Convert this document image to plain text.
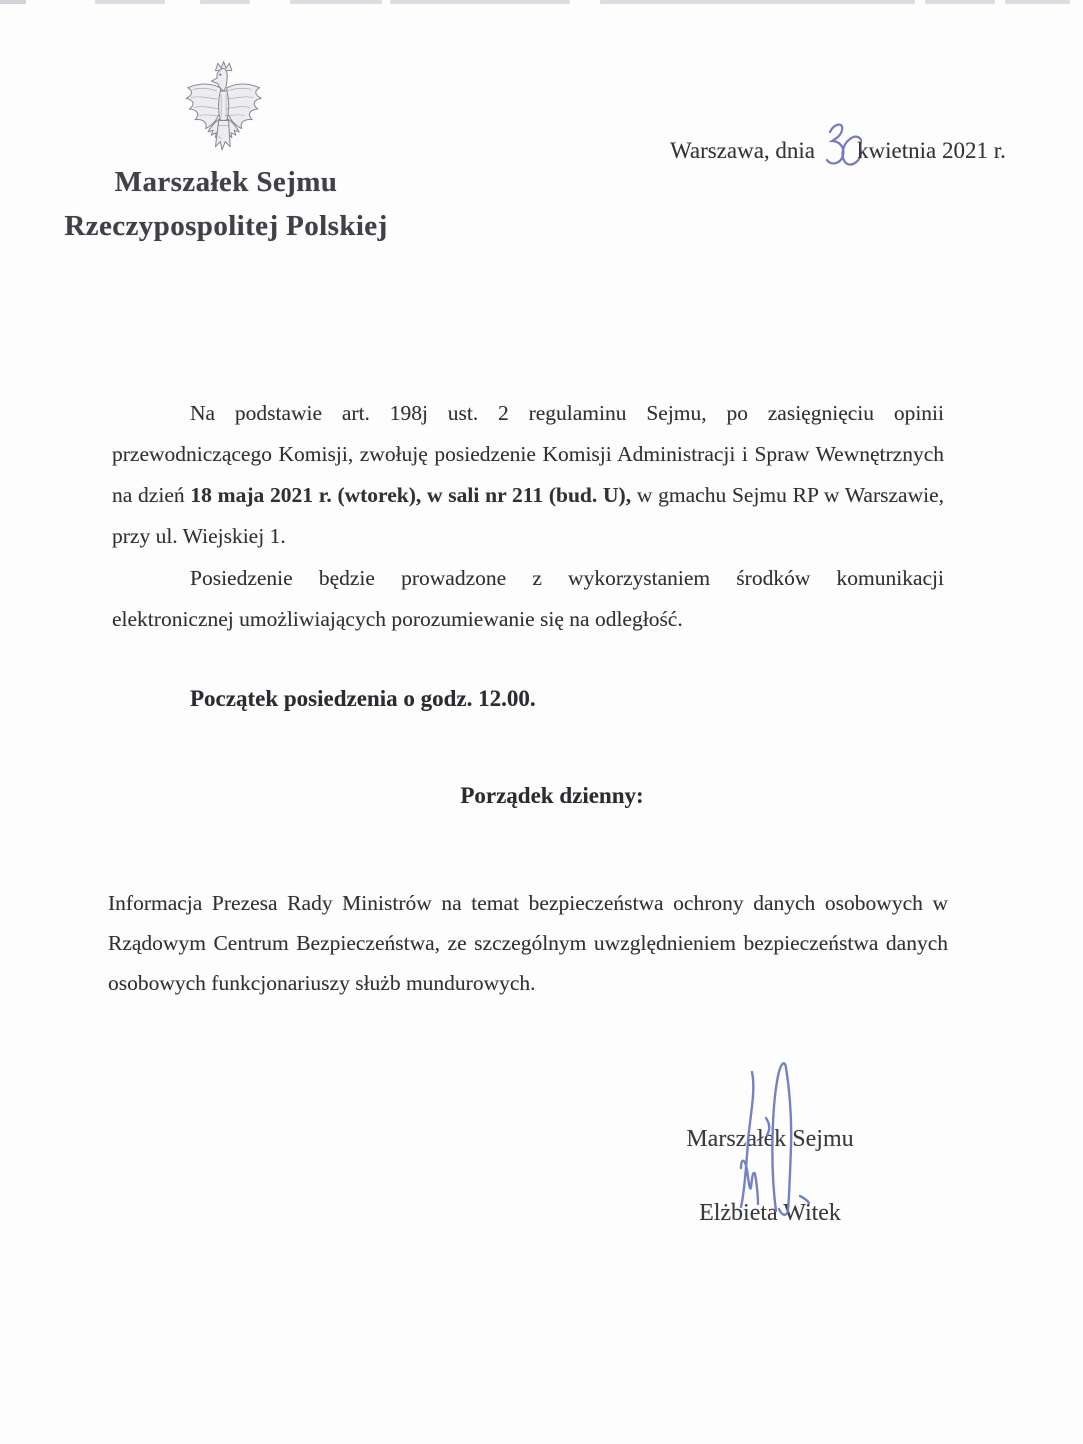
Marszałek Sejmu
Rzeczypospolitej Polskiej
Warszawa, dnia kwietnia 2021 r.

Na podstawie art. 198j ust. 2 regulaminu Sejmu, po zasięgnięciu opinii przewodniczącego Komisji, zwołuję posiedzenie Komisji Administracji i Spraw Wewnętrznych na dzień 18 maja 2021 r. (wtorek), w sali nr 211 (bud. U), w gmachu Sejmu RP w Warszawie, przy ul. Wiejskiej 1.

Posiedzenie będzie prowadzone z wykorzystaniem środków komunikacji elektronicznej umożliwiających porozumiewanie się na odległość.

Początek posiedzenia o godz. 12.00.
Porządek dzienny:

Informacja Prezesa Rady Ministrów na temat bezpieczeństwa ochrony danych osobowych w Rządowym Centrum Bezpieczeństwa, ze szczególnym uwzględnieniem bezpieczeństwa danych osobowych funkcjonariuszy służb mundurowych.

Marszałek Sejmu
Elżbieta Witek
